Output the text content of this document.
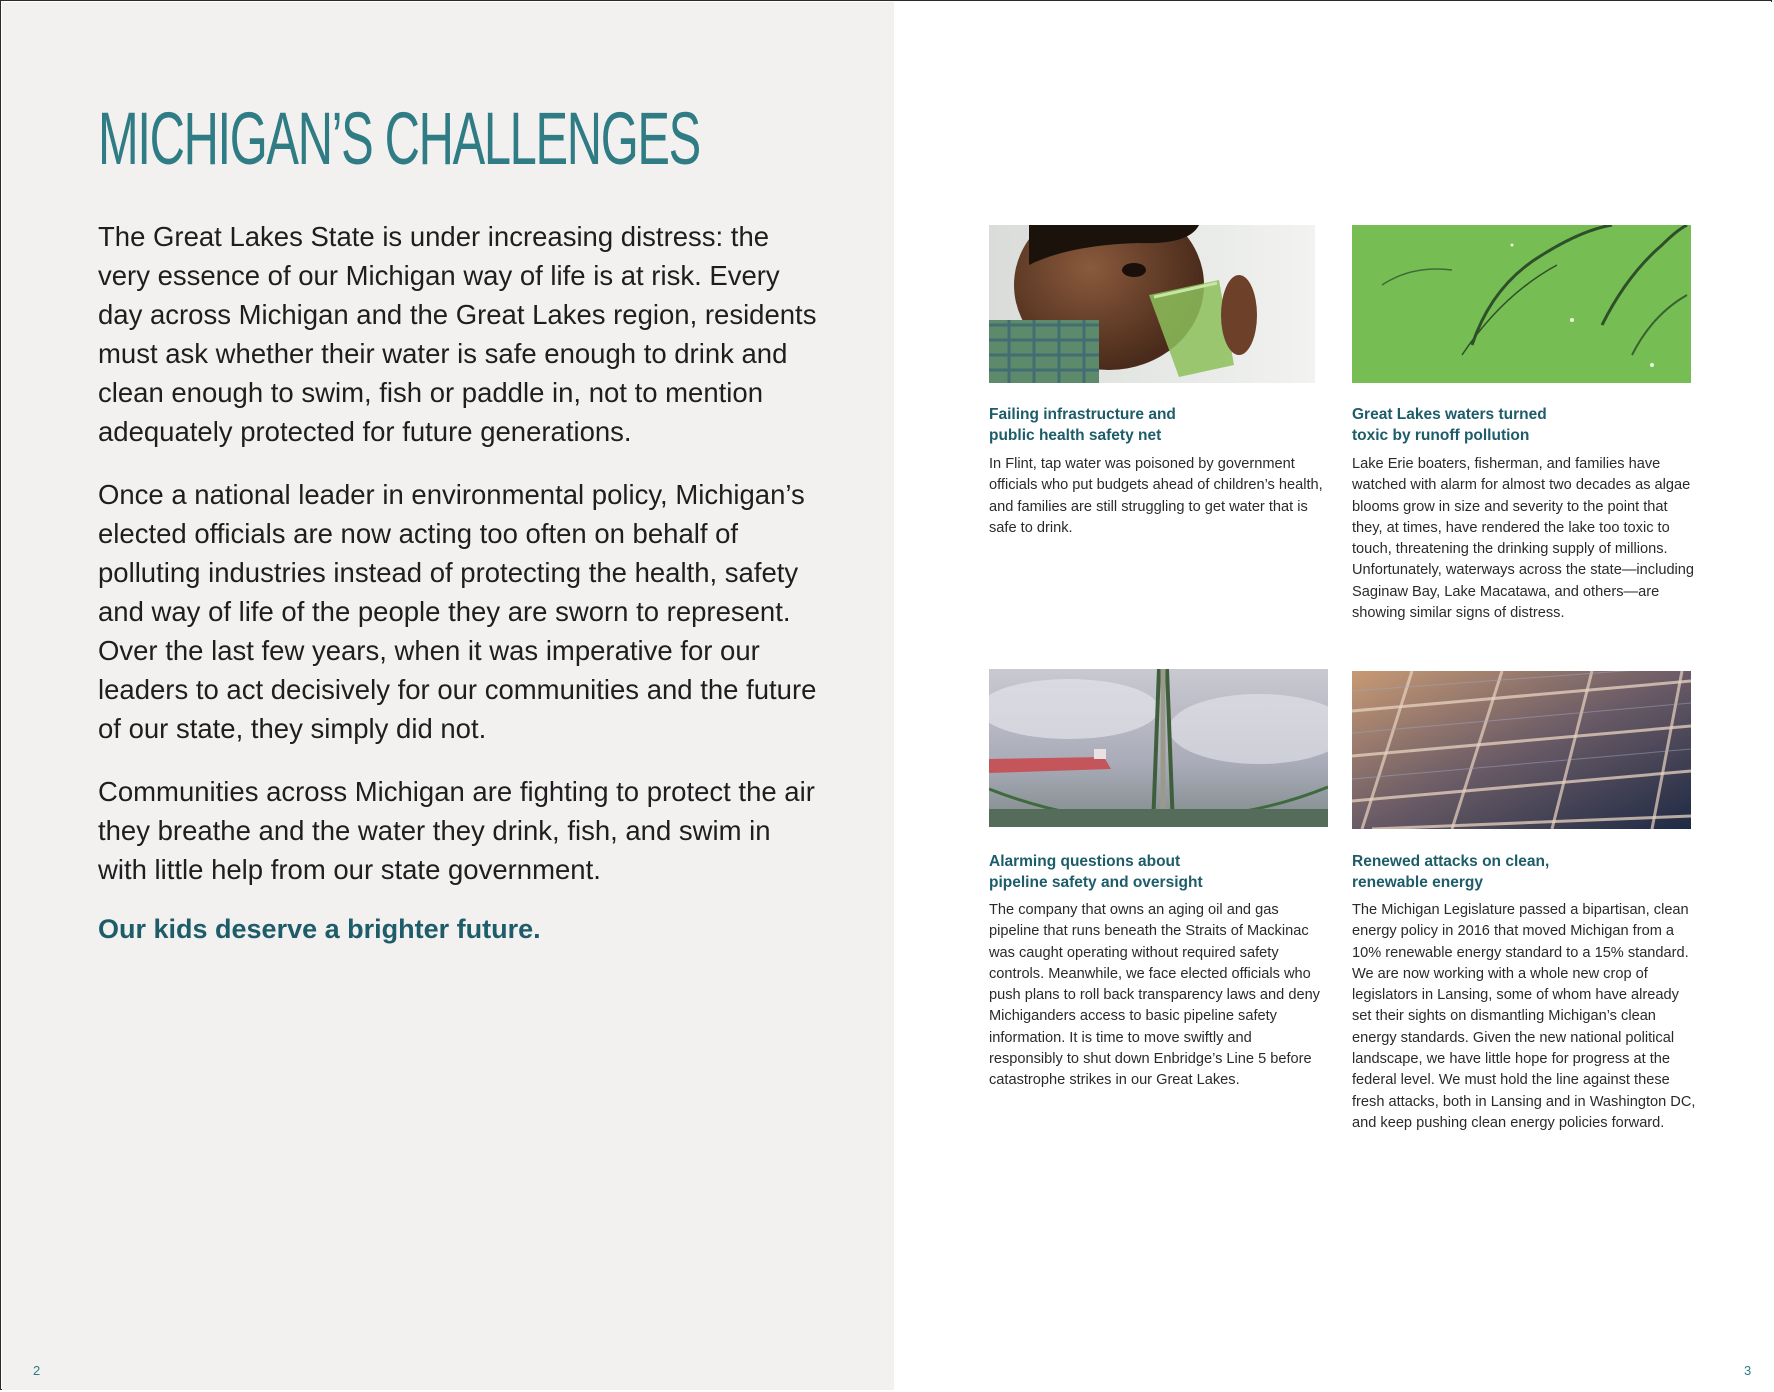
MICHIGAN’S CHALLENGES

The Great Lakes State is under increasing distress: the very essence of our Michigan way of life is at risk. Every day across Michigan and the Great Lakes region, residents must ask whether their water is safe enough to drink and clean enough to swim, fish or paddle in, not to mention adequately protected for future generations.

Once a national leader in environmental policy, Michigan’s elected officials are now acting too often on behalf of polluting industries instead of protecting the health, safety and way of life of the people they are sworn to represent. Over the last few years, when it was imperative for our leaders to act decisively for our communities and the future of our state, they simply did not.

Communities across Michigan are fighting to protect the air they breathe and the water they drink, fish, and swim in with little help from our state government.

Our kids deserve a brighter future.

2

Failing infrastructure and
public health safety net

In Flint, tap water was poisoned by government officials who put budgets ahead of children’s health, and families are still struggling to get water that is safe to drink.

Great Lakes waters turned
toxic by runoff pollution

Lake Erie boaters, fisherman, and families have watched with alarm for almost two decades as algae blooms grow in size and severity to the point that they, at times, have rendered the lake too toxic to touch, threatening the drinking supply of millions. Unfortunately, waterways across the state—including Saginaw Bay, Lake Macatawa, and others—are showing similar signs of distress.

Alarming questions about
pipeline safety and oversight

The company that owns an aging oil and gas pipeline that runs beneath the Straits of Mackinac was caught operating without required safety controls. Meanwhile, we face elected officials who push plans to roll back transparency laws and deny Michiganders access to basic pipeline safety information. It is time to move swiftly and responsibly to shut down Enbridge’s Line 5 before catastrophe strikes in our Great Lakes.

Renewed attacks on clean,
renewable energy

The Michigan Legislature passed a bipartisan, clean energy policy in 2016 that moved Michigan from a 10% renewable energy standard to a 15% standard. We are now working with a whole new crop of legislators in Lansing, some of whom have already set their sights on dismantling Michigan’s clean energy standards. Given the new national political landscape, we have little hope for progress at the federal level. We must hold the line against these fresh attacks, both in Lansing and in Washington DC, and keep pushing clean energy policies forward.

3
